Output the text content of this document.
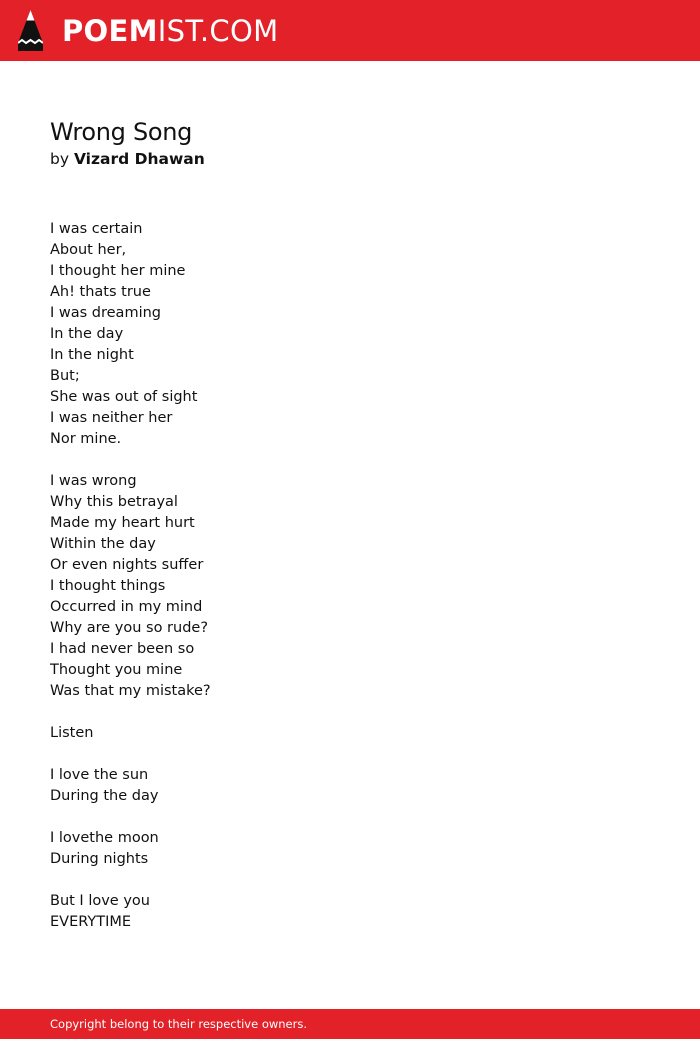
POEMIST.COM
Wrong Song
by Vizard Dhawan
I was certain
About her,
I thought her mine
Ah! thats true
I was dreaming
In the day
In the night
But;
She was out of sight
I was neither her
Nor mine.
I was wrong
Why this betrayal
Made my heart hurt
Within the day
Or even nights suffer
I thought things
Occurred in my mind
Why are you so rude?
I had never been so
Thought you mine
Was that my mistake?
Listen
I love the sun
During the day
I lovethe moon
During nights
But I love you
EVERYTIME
Copyright belong to their respective owners.
